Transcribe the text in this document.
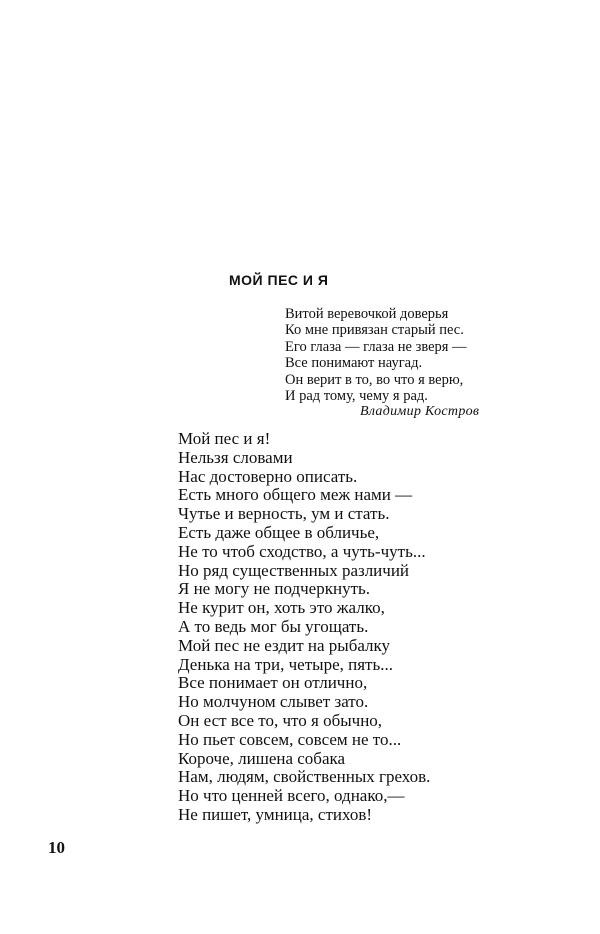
МОЙ ПЕС И Я
Витой веревочкой доверья
Ко мне привязан старый пес.
Его глаза — глаза не зверя —
Все понимают наугад.
Он верит в то, во что я верю,
И рад тому, чему я рад.
Владимир Костров
Мой пес и я!
Нельзя словами
Нас достоверно описать.
Есть много общего меж нами —
Чутье и верность, ум и стать.
Есть даже общее в обличье,
Не то чтоб сходство, а чуть-чуть...
Но ряд существенных различий
Я не могу не подчеркнуть.
Не курит он, хоть это жалко,
А то ведь мог бы угощать.
Мой пес не ездит на рыбалку
Денька на три, четыре, пять...
Все понимает он отлично,
Но молчуном слывет зато.
Он ест все то, что я обычно,
Но пьет совсем, совсем не то...
Короче, лишена собака
Нам, людям, свойственных грехов.
Но что ценней всего, однако,—
Не пишет, умница, стихов!
10
